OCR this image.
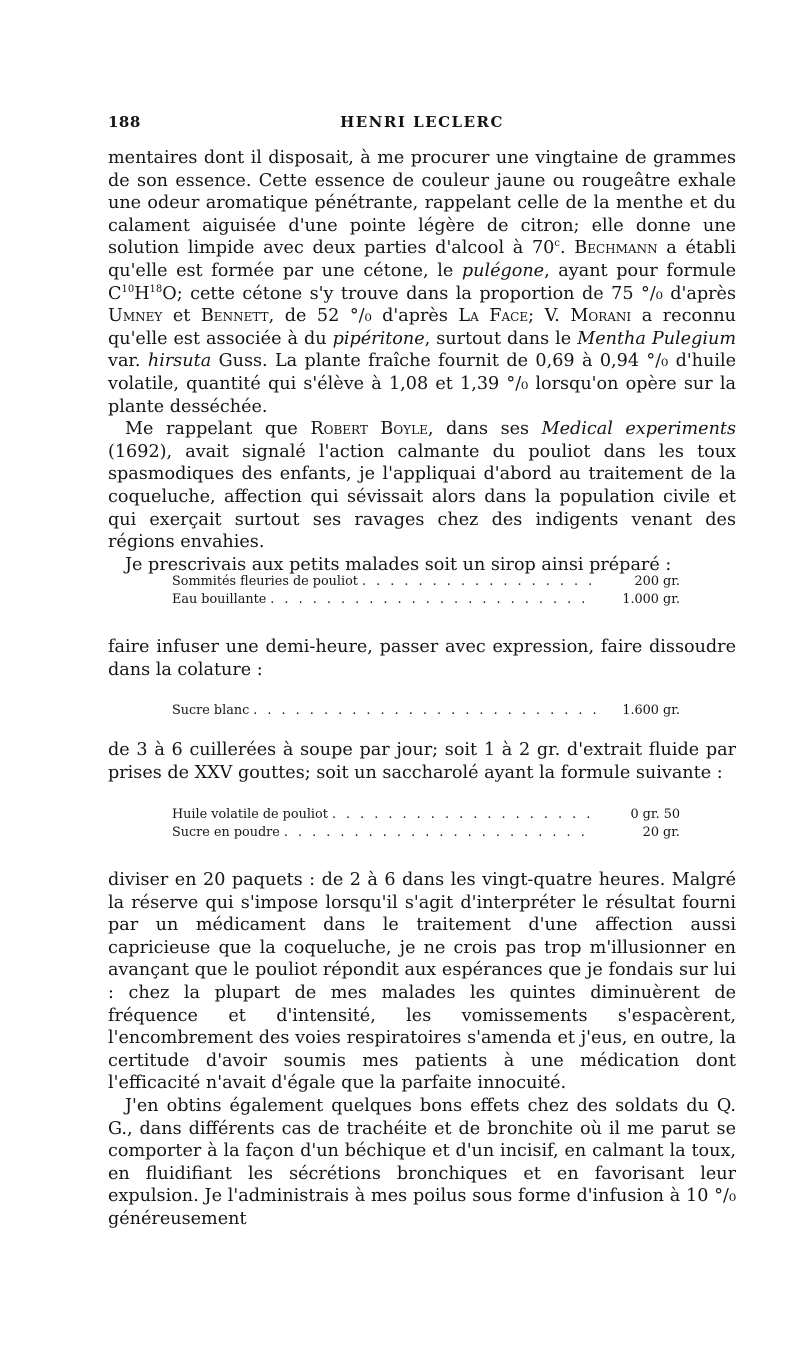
188	HENRI LECLERC

mentaires dont il disposait, à me procurer une vingtaine de grammes de son essence. Cette essence de couleur jaune ou rougeâtre exhale une odeur aromatique pénétrante, rappelant celle de la menthe et du calament aiguisée d'une pointe légère de citron; elle donne une solution limpide avec deux parties d'alcool à 70$^c$. Bechmann a établi qu'elle est formée par une cétone, le pulégone, ayant pour formule $C^{10}H^{18}O$; cette cétone s'y trouve dans la proportion de 75 °/₀ d'après Umney et Bennett, de 52 °/₀ d'après La Face; V. Morani a reconnu qu'elle est associée à du pipéritone, surtout dans le Mentha Pulegium var. hirsuta Guss. La plante fraîche fournit de 0,69 à 0,94 °/₀ d'huile volatile, quantité qui s'élève à 1,08 et 1,39 °/₀ lorsqu'on opère sur la plante desséchée.

Me rappelant que Robert Boyle, dans ses Medical experiments (1692), avait signalé l'action calmante du pouliot dans les toux spasmodiques des enfants, je l'appliquai d'abord au traitement de la coqueluche, affection qui sévissait alors dans la population civile et qui exerçait surtout ses ravages chez des indigents venant des régions envahies.

Je prescrivais aux petits malades soit un sirop ainsi préparé :

Sommités fleuries de pouliot . . .	200 gr.
Eau bouillante . . .	1.000 gr.

faire infuser une demi-heure, passer avec expression, faire dissoudre dans la colature :

Sucre blanc . . .	1.600 gr.

de 3 à 6 cuillerées à soupe par jour; soit 1 à 2 gr. d'extrait fluide par prises de XXV gouttes; soit un saccharolé ayant la formule suivante :

Huile volatile de pouliot . . .	0 gr. 50
Sucre en poudre . . .	20 gr.

diviser en 20 paquets : de 2 à 6 dans les vingt-quatre heures. Malgré la réserve qui s'impose lorsqu'il s'agit d'interpréter le résultat fourni par un médicament dans le traitement d'une affection aussi capricieuse que la coqueluche, je ne crois pas trop m'illusionner en avançant que le pouliot répondit aux espérances que je fondais sur lui : chez la plupart de mes malades les quintes diminuèrent de fréquence et d'intensité, les vomissements s'espacèrent, l'encombrement des voies respiratoires s'amenda et j'eus, en outre, la certitude d'avoir soumis mes patients à une médication dont l'efficacité n'avait d'égale que la parfaite innocuité.

J'en obtins également quelques bons effets chez des soldats du Q. G., dans différents cas de trachéite et de bronchite où il me parut se comporter à la façon d'un béchique et d'un incisif, en calmant la toux, en fluidifiant les sécrétions bronchiques et en favorisant leur expulsion. Je l'administrais à mes poilus sous forme d'infusion à 10 °/₀ généreusement
